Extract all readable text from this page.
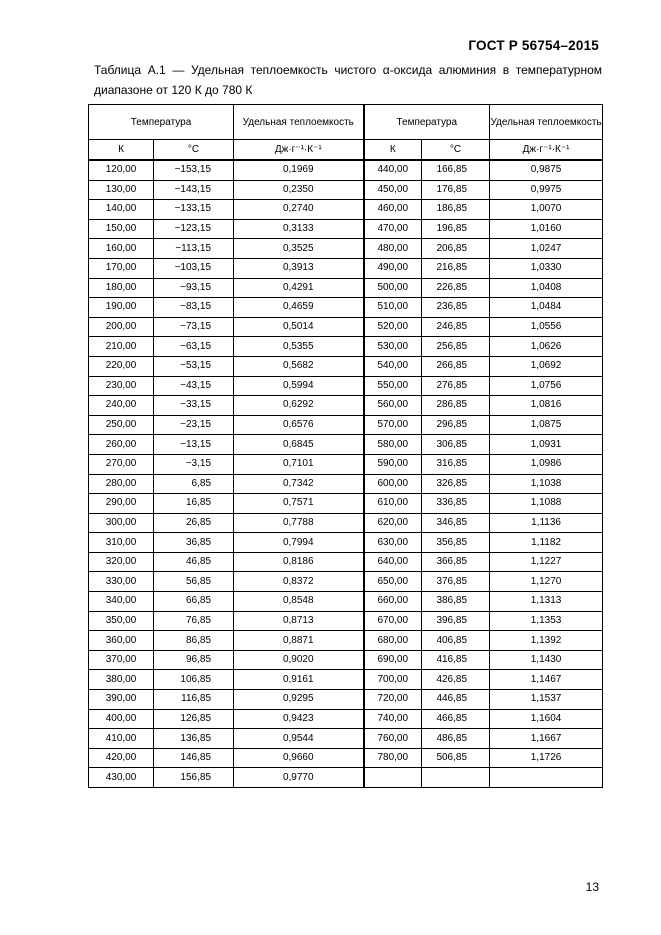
ГОСТ Р 56754–2015
Таблица А.1 — Удельная теплоемкость чистого α-оксида алюминия в температурном диапазоне от 120 К до 780 К
Температура		Удельная теплоемкость	Температура		Удельная теплоемкость
К	°С	Дж·г⁻¹·К⁻¹	К	°С	Дж·г⁻¹·К⁻¹
120,00	−153,15	0,1969	440,00	166,85	0,9875
130,00	−143,15	0,2350	450,00	176,85	0,9975
140,00	−133,15	0,2740	460,00	186,85	1,0070
150,00	−123,15	0,3133	470,00	196,85	1,0160
160,00	−113,15	0,3525	480,00	206,85	1,0247
170,00	−103,15	0,3913	490,00	216,85	1,0330
180,00	−93,15	0,4291	500,00	226,85	1,0408
190,00	−83,15	0,4659	510,00	236,85	1,0484
200,00	−73,15	0,5014	520,00	246,85	1,0556
210,00	−63,15	0,5355	530,00	256,85	1,0626
220,00	−53,15	0,5682	540,00	266,85	1,0692
230,00	−43,15	0,5994	550,00	276,85	1,0756
240,00	−33,15	0,6292	560,00	286,85	1,0816
250,00	−23,15	0,6576	570,00	296,85	1,0875
260,00	−13,15	0,6845	580,00	306,85	1,0931
270,00	−3,15	0,7101	590,00	316,85	1,0986
280,00	6,85	0,7342	600,00	326,85	1,1038
290,00	16,85	0,7571	610,00	336,85	1,1088
300,00	26,85	0,7788	620,00	346,85	1,1136
310,00	36,85	0,7994	630,00	356,85	1,1182
320,00	46,85	0,8186	640,00	366,85	1,1227
330,00	56,85	0,8372	650,00	376,85	1,1270
340,00	66,85	0,8548	660,00	386,85	1,1313
350,00	76,85	0,8713	670,00	396,85	1,1353
360,00	86,85	0,8871	680,00	406,85	1,1392
370,00	96,85	0,9020	690,00	416,85	1,1430
380,00	106,85	0,9161	700,00	426,85	1,1467
390,00	116,85	0,9295	720,00	446,85	1,1537
400,00	126,85	0,9423	740,00	466,85	1,1604
410,00	136,85	0,9544	760,00	486,85	1,1667
420,00	146,85	0,9660	780,00	506,85	1,1726
430,00	156,85	0,9770			
13
